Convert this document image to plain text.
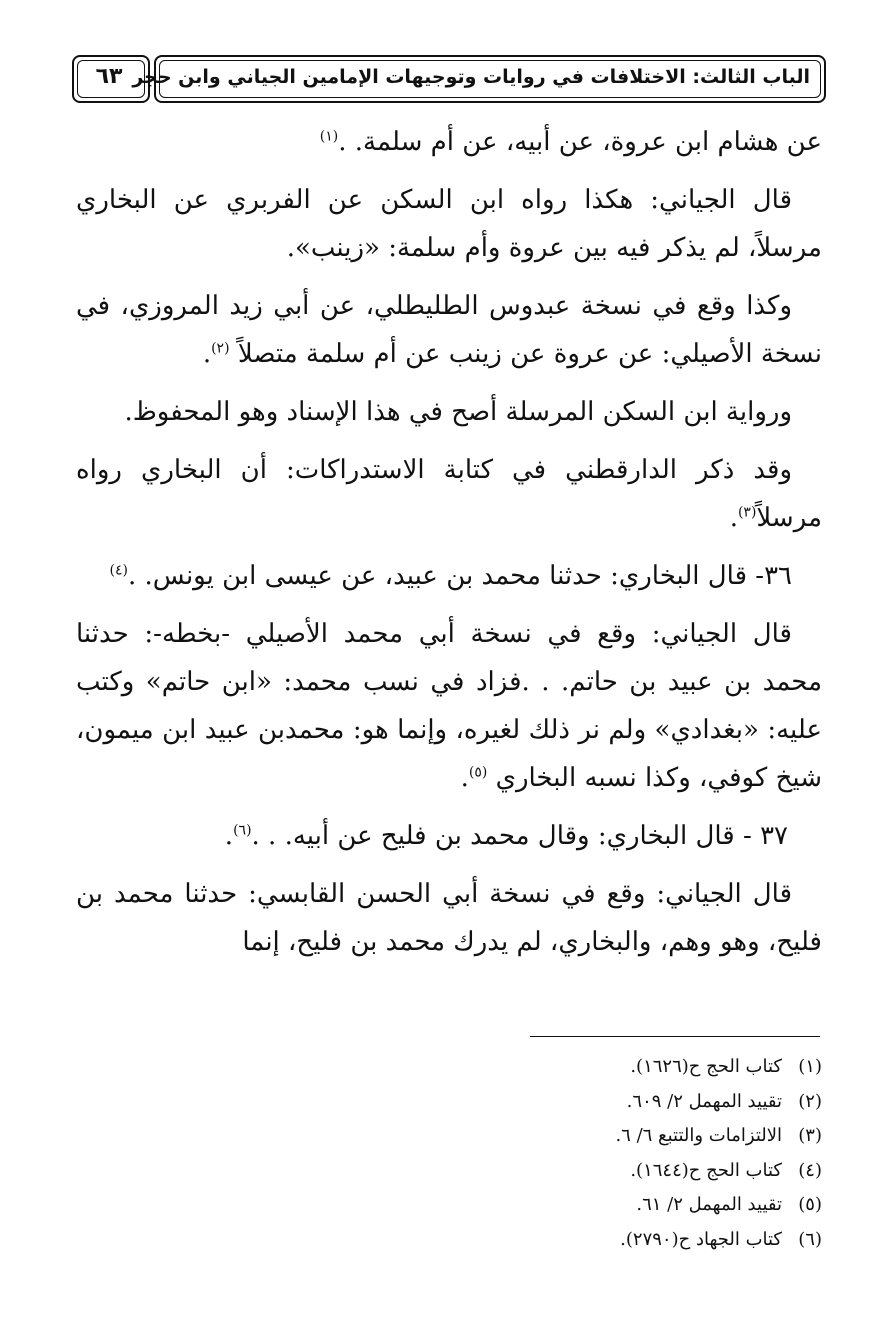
٦٣ الباب الثالث: الاختلافات في روايات وتوجيهات الإمامين الجياني وابن حجر

عن هشام ابن عروة، عن أبيه، عن أم سلمة. .$^{(١)}$

قال الجياني: هكذا رواه ابن السكن عن الفربري عن البخاري مرسلاً، لم يذكر فيه بين عروة وأم سلمة: «زينب».

وكذا وقع في نسخة عبدوس الطليطلي، عن أبي زيد المروزي، في نسخة الأصيلي: عن عروة عن زينب عن أم سلمة متصلاً $^{(٢)}$.

ورواية ابن السكن المرسلة أصح في هذا الإسناد وهو المحفوظ.

وقد ذكر الدارقطني في كتابة الاستدراكات: أن البخاري رواه مرسلاً$^{(٣)}$.

٣٦- قال البخاري: حدثنا محمد بن عبيد، عن عيسى ابن يونس. .$^{(٤)}$

قال الجياني: وقع في نسخة أبي محمد الأصيلي -بخطه-: حدثنا محمد بن عبيد بن حاتم. . .فزاد في نسب محمد: «ابن حاتم» وكتب عليه: «بغدادي» ولم نر ذلك لغيره، وإنما هو: محمدبن عبيد ابن ميمون، شيخ كوفي، وكذا نسبه البخاري $^{(٥)}$.

٣٧ - قال البخاري: وقال محمد بن فليح عن أبيه. . .$^{(٦)}$.

قال الجياني: وقع في نسخة أبي الحسن القابسي: حدثنا محمد بن فليح، وهو وهم، والبخاري، لم يدرك محمد بن فليح، إنما

(١)كتاب الحج ح(١٦٢٦).
(٢)تقييد المهمل ٢/ ٦٠٩.
(٣)الالتزامات والتتبع ٦/ ٦.
(٤)كتاب الحج ح(١٦٤٤).
(٥)تقييد المهمل ٢/ ٦١.
(٦)كتاب الجهاد ح(٢٧٩٠).
